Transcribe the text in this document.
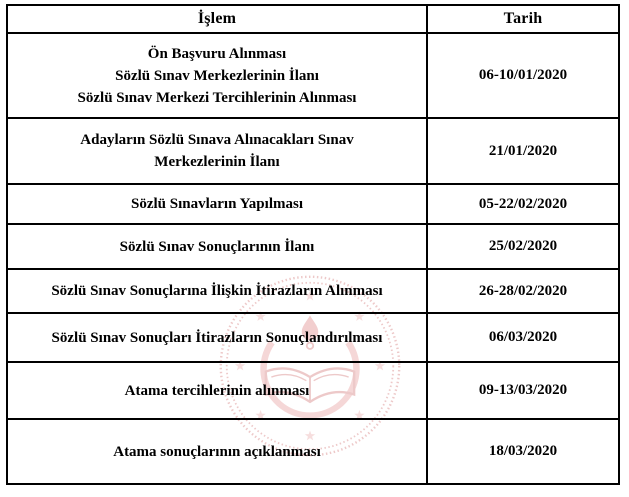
İşlem	Tarih

Ön Başvuru Alınması
Sözlü Sınav Merkezlerinin İlanı
Sözlü Sınav Merkezi Tercihlerinin Alınması	06-10/01/2020

Adayların Sözlü Sınava Alınacakları Sınav
Merkezlerinin İlanı	21/01/2020

Sözlü Sınavların Yapılması	05-22/02/2020

Sözlü Sınav Sonuçlarının İlanı	25/02/2020

Sözlü Sınav Sonuçlarına İlişkin İtirazların Alınması	26-28/02/2020

Sözlü Sınav Sonuçları İtirazların Sonuçlandırılması	06/03/2020

Atama tercihlerinin alınması	09-13/03/2020

Atama sonuçlarının açıklanması	18/03/2020
